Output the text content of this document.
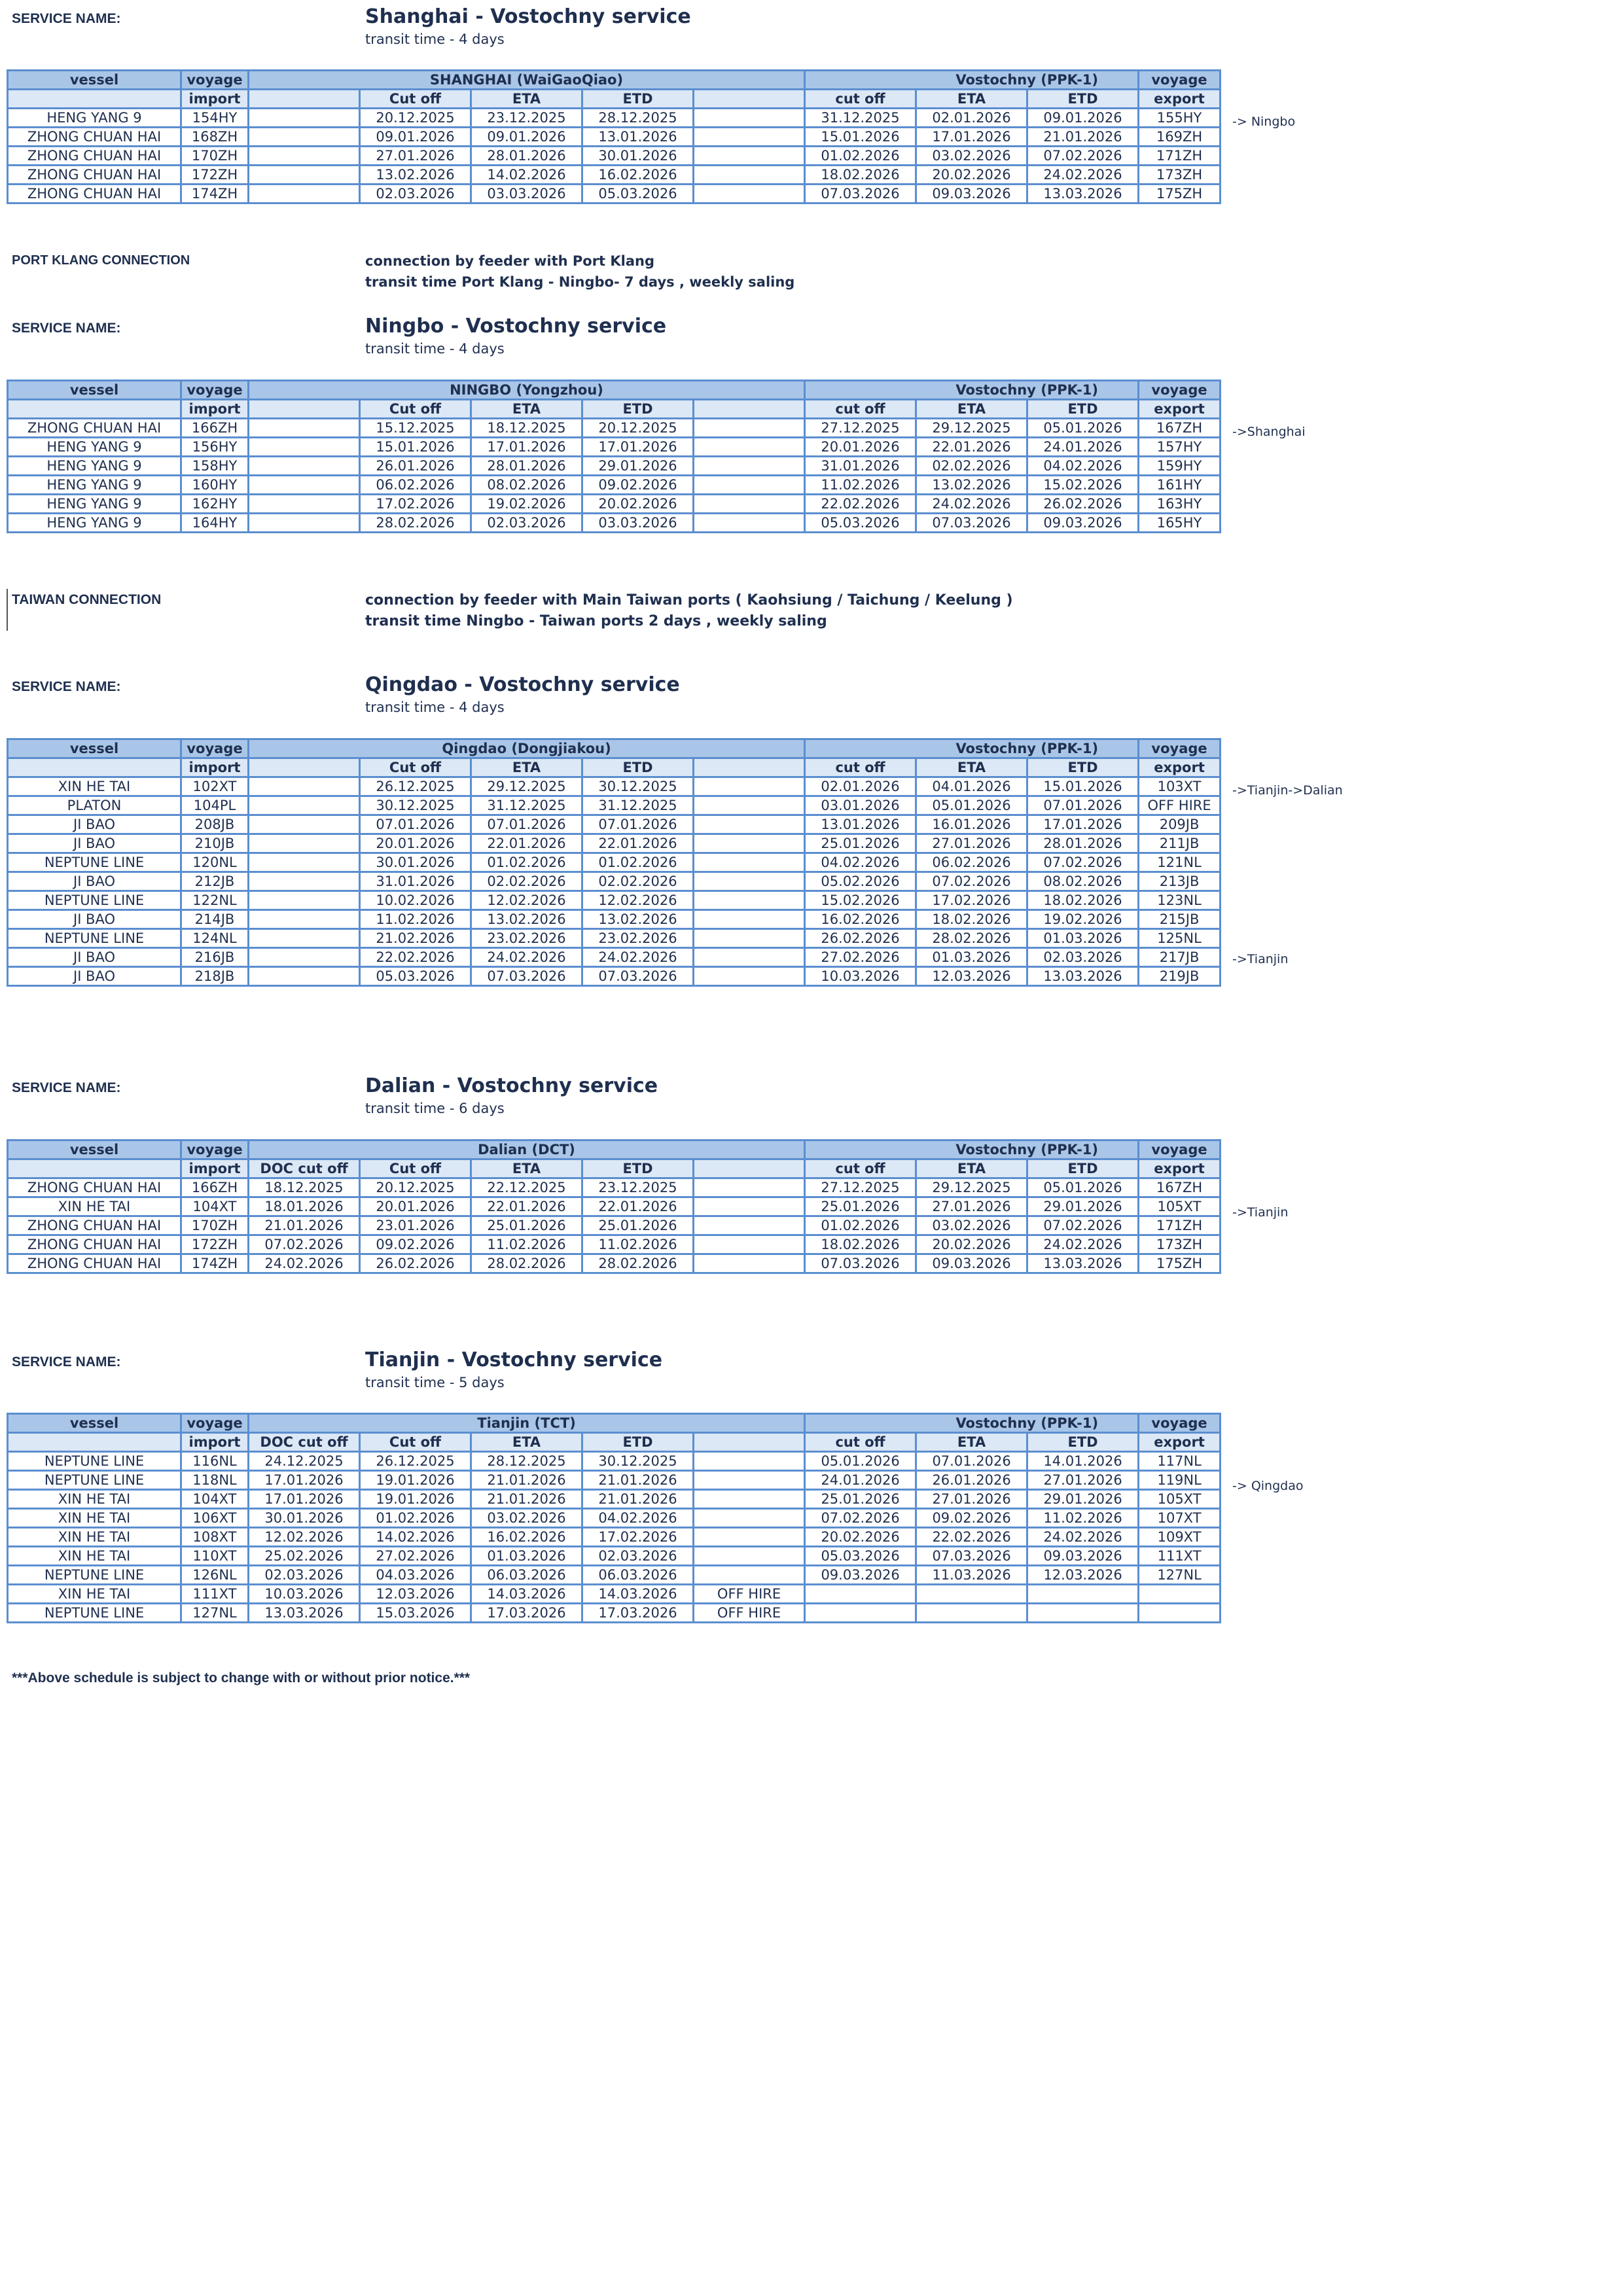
SERVICE NAME:	Shanghai - Vostochny service
transit time - 4 days
vessel	voyage	SHANGHAI (WaiGaoQiao)					Vostochny (PPK-1)			voyage
	import		Cut off	ETA	ETD		cut off	ETA	ETD	export
HENG YANG 9	154HY		20.12.2025	23.12.2025	28.12.2025		31.12.2025	02.01.2026	09.01.2026	155HY
ZHONG CHUAN HAI	168ZH		09.01.2026	09.01.2026	13.01.2026		15.01.2026	17.01.2026	21.01.2026	169ZH
ZHONG CHUAN HAI	170ZH		27.01.2026	28.01.2026	30.01.2026		01.02.2026	03.02.2026	07.02.2026	171ZH
ZHONG CHUAN HAI	172ZH		13.02.2026	14.02.2026	16.02.2026		18.02.2026	20.02.2026	24.02.2026	173ZH
ZHONG CHUAN HAI	174ZH		02.03.2026	03.03.2026	05.03.2026		07.03.2026	09.03.2026	13.03.2026	175ZH
PORT KLANG CONNECTION	connection by feeder with Port Klang
transit time Port Klang - Ningbo- 7 days , weekly saling
SERVICE NAME:	Ningbo - Vostochny service
transit time - 4 days
vessel	voyage	NINGBO (Yongzhou)					Vostochny (PPK-1)			voyage
	import		Cut off	ETA	ETD		cut off	ETA	ETD	export
ZHONG CHUAN HAI	166ZH		15.12.2025	18.12.2025	20.12.2025		27.12.2025	29.12.2025	05.01.2026	167ZH
HENG YANG 9	156HY		15.01.2026	17.01.2026	17.01.2026		20.01.2026	22.01.2026	24.01.2026	157HY
HENG YANG 9	158HY		26.01.2026	28.01.2026	29.01.2026		31.01.2026	02.02.2026	04.02.2026	159HY
HENG YANG 9	160HY		06.02.2026	08.02.2026	09.02.2026		11.02.2026	13.02.2026	15.02.2026	161HY
HENG YANG 9	162HY		17.02.2026	19.02.2026	20.02.2026		22.02.2026	24.02.2026	26.02.2026	163HY
HENG YANG 9	164HY		28.02.2026	02.03.2026	03.03.2026		05.03.2026	07.03.2026	09.03.2026	165HY
TAIWAN CONNECTION	connection by feeder with Main Taiwan ports ( Kaohsiung / Taichung / Keelung )
transit time Ningbo - Taiwan ports 2 days , weekly saling
SERVICE NAME:	Qingdao - Vostochny service
transit time - 4 days
vessel	voyage	Qingdao (Dongjiakou)					Vostochny (PPK-1)			voyage
	import		Cut off	ETA	ETD		cut off	ETA	ETD	export
XIN HE TAI	102XT		26.12.2025	29.12.2025	30.12.2025		02.01.2026	04.01.2026	15.01.2026	103XT
PLATON	104PL		30.12.2025	31.12.2025	31.12.2025		03.01.2026	05.01.2026	07.01.2026	OFF HIRE
JI BAO	208JB		07.01.2026	07.01.2026	07.01.2026		13.01.2026	16.01.2026	17.01.2026	209JB
JI BAO	210JB		20.01.2026	22.01.2026	22.01.2026		25.01.2026	27.01.2026	28.01.2026	211JB
NEPTUNE LINE	120NL		30.01.2026	01.02.2026	01.02.2026		04.02.2026	06.02.2026	07.02.2026	121NL
JI BAO	212JB		31.01.2026	02.02.2026	02.02.2026		05.02.2026	07.02.2026	08.02.2026	213JB
NEPTUNE LINE	122NL		10.02.2026	12.02.2026	12.02.2026		15.02.2026	17.02.2026	18.02.2026	123NL
JI BAO	214JB		11.02.2026	13.02.2026	13.02.2026		16.02.2026	18.02.2026	19.02.2026	215JB
NEPTUNE LINE	124NL		21.02.2026	23.02.2026	23.02.2026		26.02.2026	28.02.2026	01.03.2026	125NL
JI BAO	216JB		22.02.2026	24.02.2026	24.02.2026		27.02.2026	01.03.2026	02.03.2026	217JB
JI BAO	218JB		05.03.2026	07.03.2026	07.03.2026		10.03.2026	12.03.2026	13.03.2026	219JB
SERVICE NAME:	Dalian - Vostochny service
transit time - 6 days
vessel	voyage	Dalian (DCT)					Vostochny (PPK-1)			voyage
	import	DOC cut off	Cut off	ETA	ETD		cut off	ETA	ETD	export
ZHONG CHUAN HAI	166ZH	18.12.2025	20.12.2025	22.12.2025	23.12.2025		27.12.2025	29.12.2025	05.01.2026	167ZH
XIN HE TAI	104XT	18.01.2026	20.01.2026	22.01.2026	22.01.2026		25.01.2026	27.01.2026	29.01.2026	105XT
ZHONG CHUAN HAI	170ZH	21.01.2026	23.01.2026	25.01.2026	25.01.2026		01.02.2026	03.02.2026	07.02.2026	171ZH
ZHONG CHUAN HAI	172ZH	07.02.2026	09.02.2026	11.02.2026	11.02.2026		18.02.2026	20.02.2026	24.02.2026	173ZH
ZHONG CHUAN HAI	174ZH	24.02.2026	26.02.2026	28.02.2026	28.02.2026		07.03.2026	09.03.2026	13.03.2026	175ZH
SERVICE NAME:	Tianjin - Vostochny service
transit time - 5 days
vessel	voyage	Tianjin (TCT)					Vostochny (PPK-1)			voyage
	import	DOC cut off	Cut off	ETA	ETD		cut off	ETA	ETD	export
NEPTUNE LINE	116NL	24.12.2025	26.12.2025	28.12.2025	30.12.2025		05.01.2026	07.01.2026	14.01.2026	117NL
NEPTUNE LINE	118NL	17.01.2026	19.01.2026	21.01.2026	21.01.2026		24.01.2026	26.01.2026	27.01.2026	119NL
XIN HE TAI	104XT	17.01.2026	19.01.2026	21.01.2026	21.01.2026		25.01.2026	27.01.2026	29.01.2026	105XT
XIN HE TAI	106XT	30.01.2026	01.02.2026	03.02.2026	04.02.2026		07.02.2026	09.02.2026	11.02.2026	107XT
XIN HE TAI	108XT	12.02.2026	14.02.2026	16.02.2026	17.02.2026		20.02.2026	22.02.2026	24.02.2026	109XT
XIN HE TAI	110XT	25.02.2026	27.02.2026	01.03.2026	02.03.2026		05.03.2026	07.03.2026	09.03.2026	111XT
NEPTUNE LINE	126NL	02.03.2026	04.03.2026	06.03.2026	06.03.2026		09.03.2026	11.03.2026	12.03.2026	127NL
XIN HE TAI	111XT	10.03.2026	12.03.2026	14.03.2026	14.03.2026	OFF HIRE				
NEPTUNE LINE	127NL	13.03.2026	15.03.2026	17.03.2026	17.03.2026	OFF HIRE				
***Above schedule is subject to change with or without prior notice.***
-> Ningbo
->Shanghai
->Tianjin->Dalian
->Tianjin
->Tianjin
-> Qingdao
